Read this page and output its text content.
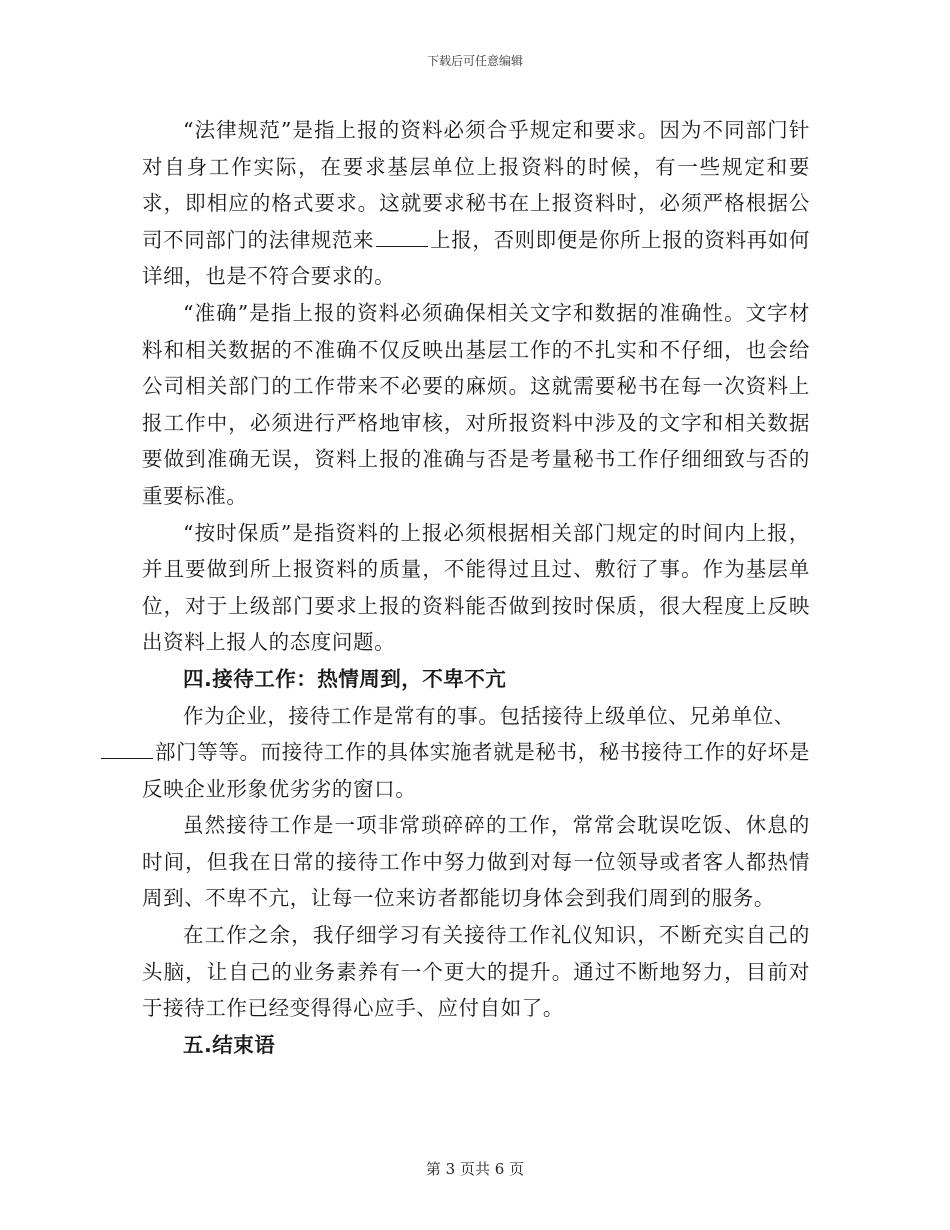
下载后可任意编辑

“法律规范”是指上报的资料必须合乎规定和要求。因为不同部门针对自身工作实际，在要求基层单位上报资料的时候，有一些规定和要求，即相应的格式要求。这就要求秘书在上报资料时，必须严格根据公司不同部门的法律规范来	上报，否则即便是你所上报的资料再如何详细，也是不符合要求的。

“准确”是指上报的资料必须确保相关文字和数据的准确性。文字材料和相关数据的不准确不仅反映出基层工作的不扎实和不仔细，也会给公司相关部门的工作带来不必要的麻烦。这就需要秘书在每一次资料上报工作中，必须进行严格地审核，对所报资料中涉及的文字和相关数据要做到准确无误，资料上报的准确与否是考量秘书工作仔细细致与否的重要标准。

“按时保质”是指资料的上报必须根据相关部门规定的时间内上报，并且要做到所上报资料的质量，不能得过且过、敷衍了事。作为基层单位，对于上级部门要求上报的资料能否做到按时保质，很大程度上反映出资料上报人的态度问题。

四.接待工作：热情周到，不卑不亢

作为企业，接待工作是常有的事。包括接待上级单位、兄弟单位、
部门等等。而接待工作的具体实施者就是秘书，秘书接待工作的好坏是反映企业形象优劣劣的窗口。

虽然接待工作是一项非常琐碎碎的工作，常常会耽误吃饭、休息的时间，但我在日常的接待工作中努力做到对每一位领导或者客人都热情周到、不卑不亢，让每一位来访者都能切身体会到我们周到的服务。

在工作之余，我仔细学习有关接待工作礼仪知识，不断充实自己的头脑，让自己的业务素养有一个更大的提升。通过不断地努力，目前对于接待工作已经变得得心应手、应付自如了。

五.结束语

第 3 页共 6 页
